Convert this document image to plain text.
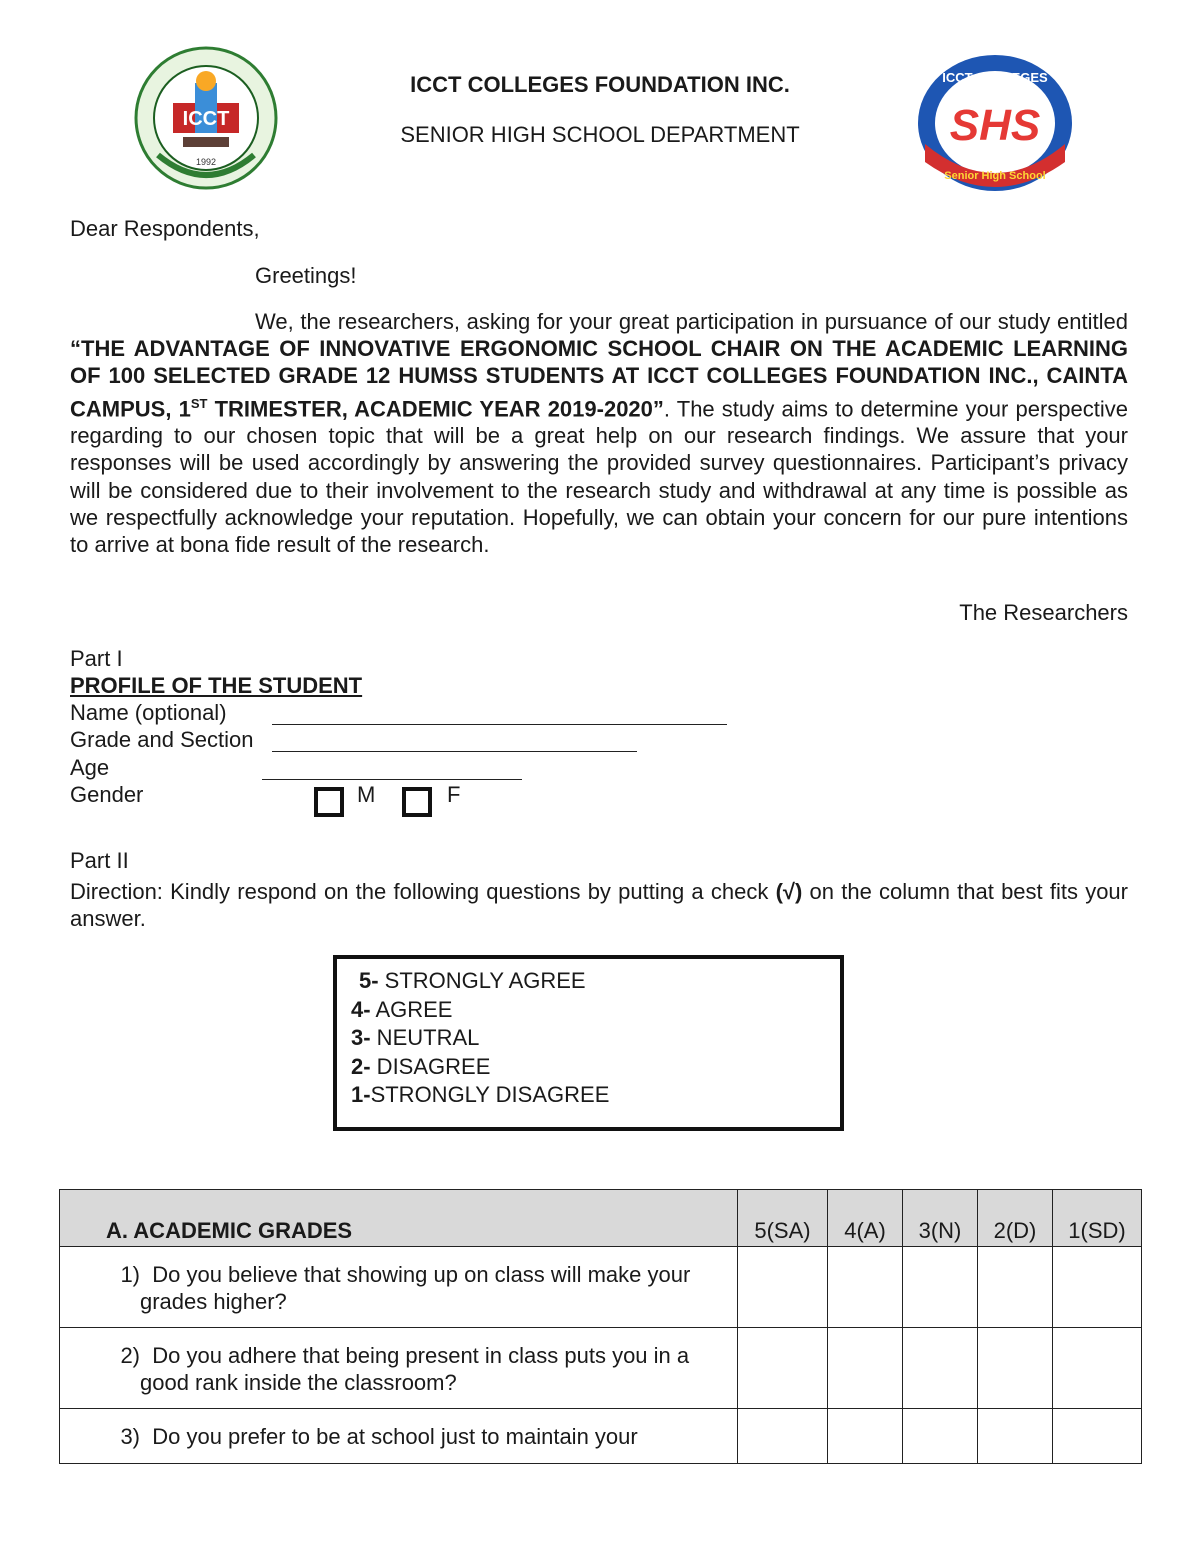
ICCT
1992
SHS
ICCT COLLEGES
Senior High School
ICCT COLLEGES FOUNDATION INC.
SENIOR HIGH SCHOOL DEPARTMENT
Dear Respondents,
Greetings!
We, the researchers, asking for your great participation in pursuance of our study entitled “THE ADVANTAGE OF INNOVATIVE ERGONOMIC SCHOOL CHAIR ON THE ACADEMIC LEARNING OF 100 SELECTED GRADE 12 HUMSS STUDENTS AT ICCT COLLEGES FOUNDATION INC., CAINTA CAMPUS, 1ST TRIMESTER, ACADEMIC YEAR 2019-2020”. The study aims to determine your perspective regarding to our chosen topic that will be a great help on our research findings. We assure that your responses will be used accordingly by answering the provided survey questionnaires. Participant’s privacy will be considered due to their involvement to the research study and withdrawal at any time is possible as we respectfully acknowledge your reputation. Hopefully, we can obtain your concern for our pure intentions to arrive at bona fide result of the research.
The Researchers
Part I
PROFILE OF THE STUDENT
Name (optional)
Grade and Section
Age
Gender	M	F
Part II
Direction: Kindly respond on the following questions by putting a check (√) on the column that best fits your answer.
5- STRONGLY AGREE
4- AGREE
3- NEUTRAL
2- DISAGREE
1-STRONGLY DISAGREE
A. ACADEMIC GRADES	5(SA)	4(A)	3(N)	2(D)	1(SD)

1) Do you believe that showing up on class will make your
grades higher?					

2) Do you adhere that being present in class puts you in a
good rank inside the classroom?					

3) Do you prefer to be at school just to maintain your					
